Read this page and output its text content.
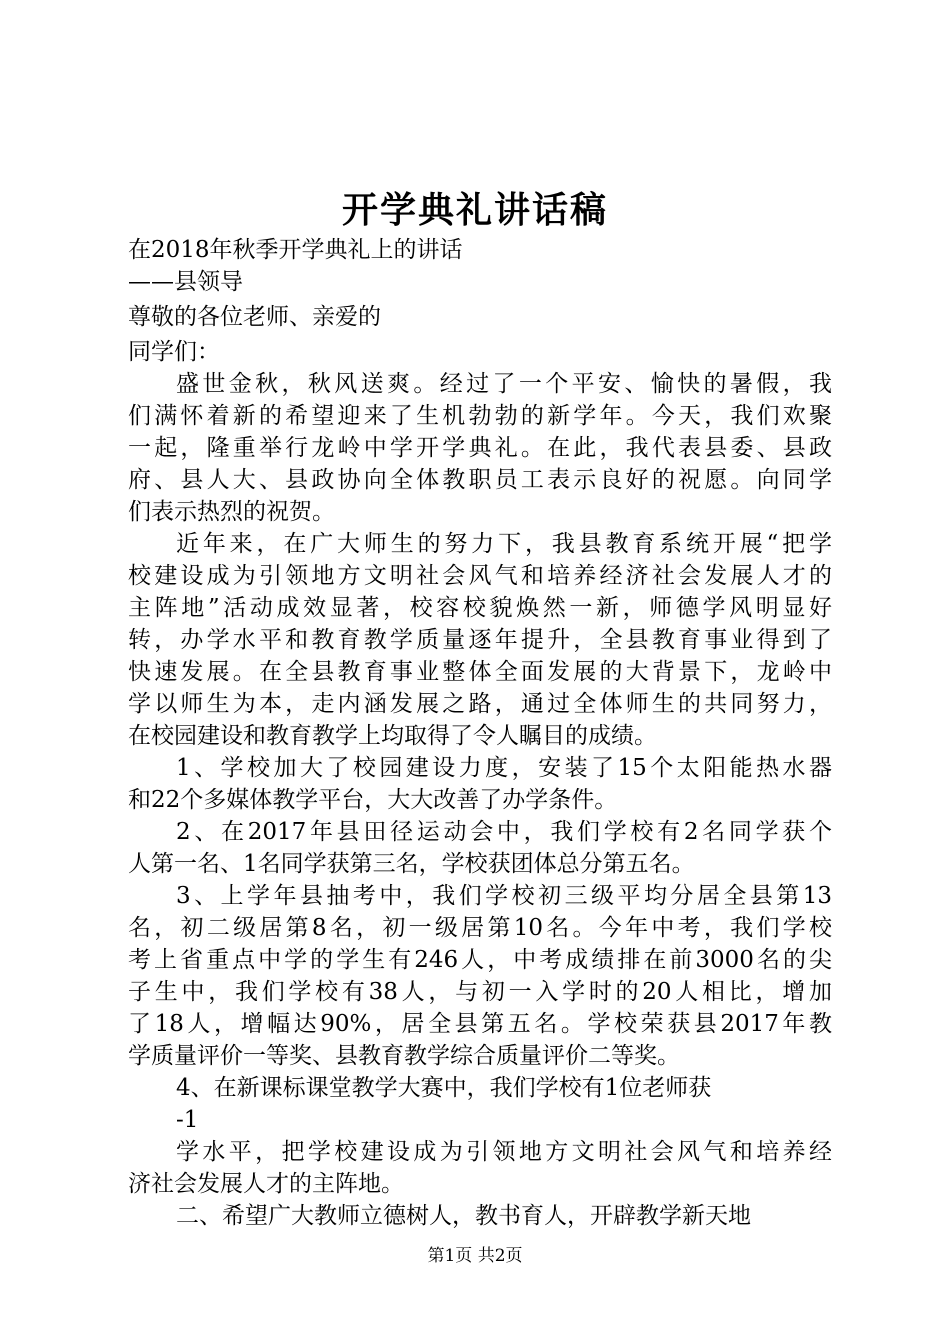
开学典礼讲话稿
在2018年秋季开学典礼上的讲话
——县领导
尊敬的各位老师、亲爱的
同学们：
盛世金秋，秋风送爽。经过了一个平安、愉快的暑假，我
们满怀着新的希望迎来了生机勃勃的新学年。今天，我们欢聚
一起，隆重举行龙岭中学开学典礼。在此，我代表县委、县政
府、县人大、县政协向全体教职员工表示良好的祝愿。向同学
们表示热烈的祝贺。
近年来，在广大师生的努力下，我县教育系统开展“把学
校建设成为引领地方文明社会风气和培养经济社会发展人才的
主阵地”活动成效显著，校容校貌焕然一新，师德学风明显好
转，办学水平和教育教学质量逐年提升，全县教育事业得到了
快速发展。在全县教育事业整体全面发展的大背景下，龙岭中
学以师生为本，走内涵发展之路，通过全体师生的共同努力，
在校园建设和教育教学上均取得了令人瞩目的成绩。
1、学校加大了校园建设力度，安装了15个太阳能热水器
和22个多媒体教学平台，大大改善了办学条件。
2、在2017年县田径运动会中，我们学校有2名同学获个
人第一名、1名同学获第三名，学校获团体总分第五名。
3、上学年县抽考中，我们学校初三级平均分居全县第13
名，初二级居第8名，初一级居第10名。今年中考，我们学校
考上省重点中学的学生有246人，中考成绩排在前3000名的尖
子生中，我们学校有38人，与初一入学时的20人相比，增加
了18人，增幅达90%，居全县第五名。学校荣获县2017年教
学质量评价一等奖、县教育教学综合质量评价二等奖。
4、在新课标课堂教学大赛中，我们学校有1位老师获
-1
学水平，把学校建设成为引领地方文明社会风气和培养经
济社会发展人才的主阵地。
二、希望广大教师立德树人，教书育人，开辟教学新天地
第1页 共2页
